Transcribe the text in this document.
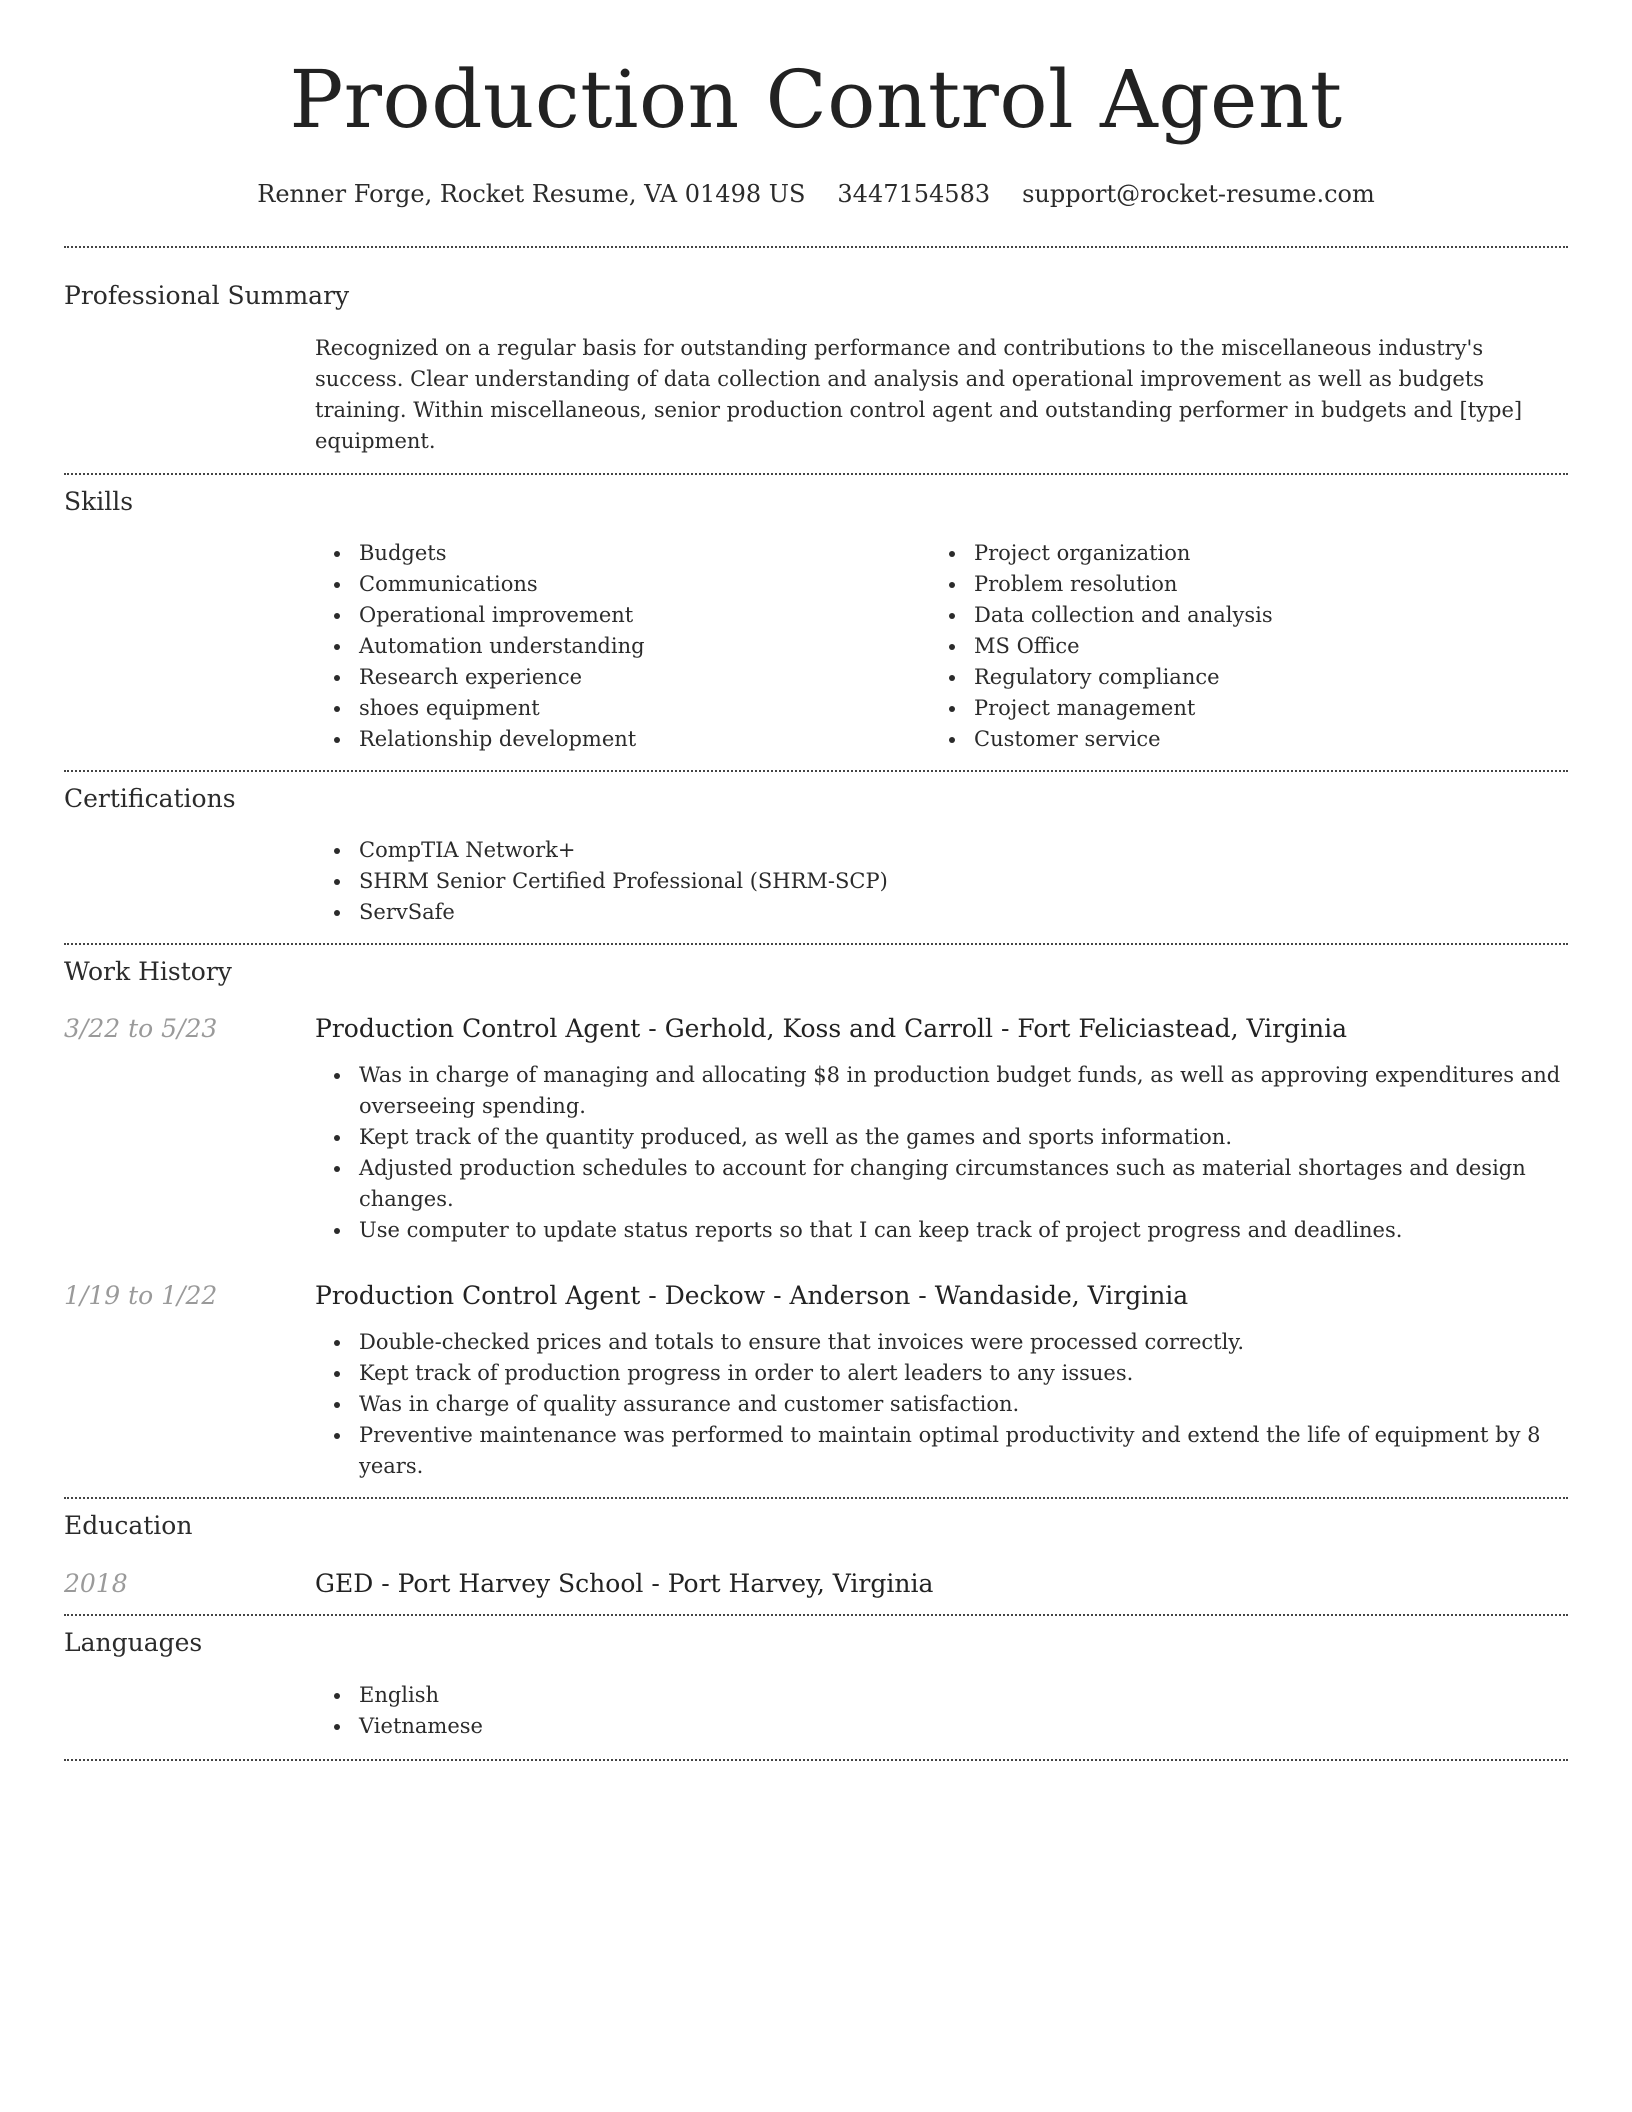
Production Control Agent
Renner Forge, Rocket Resume, VA 01498 US 3447154583 support@rocket-resume.com
Professional Summary

Recognized on a regular basis for outstanding performance and contributions to the miscellaneous industry's success. Clear understanding of data collection and analysis and operational improvement as well as budgets training. Within miscellaneous, senior production control agent and outstanding performer in budgets and [type] equipment.

Skills
Budgets
Communications
Operational improvement
Automation understanding
Research experience
shoes equipment
Relationship development
Project organization
Problem resolution
Data collection and analysis
MS Office
Regulatory compliance
Project management
Customer service
Certifications
CompTIA Network+
SHRM Senior Certified Professional (SHRM-SCP)
ServSafe
Work History
3/22 to 5/23	Production Control Agent - Gerhold, Koss and Carroll - Fort Feliciastead, Virginia
Was in charge of managing and allocating $8 in production budget funds, as well as approving expenditures and overseeing spending.
Kept track of the quantity produced, as well as the games and sports information.
Adjusted production schedules to account for changing circumstances such as material shortages and design changes.
Use computer to update status reports so that I can keep track of project progress and deadlines.
1/19 to 1/22	Production Control Agent - Deckow - Anderson - Wandaside, Virginia
Double-checked prices and totals to ensure that invoices were processed correctly.
Kept track of production progress in order to alert leaders to any issues.
Was in charge of quality assurance and customer satisfaction.
Preventive maintenance was performed to maintain optimal productivity and extend the life of equipment by 8 years.
Education
2018	GED - Port Harvey School - Port Harvey, Virginia
Languages
English
Vietnamese
